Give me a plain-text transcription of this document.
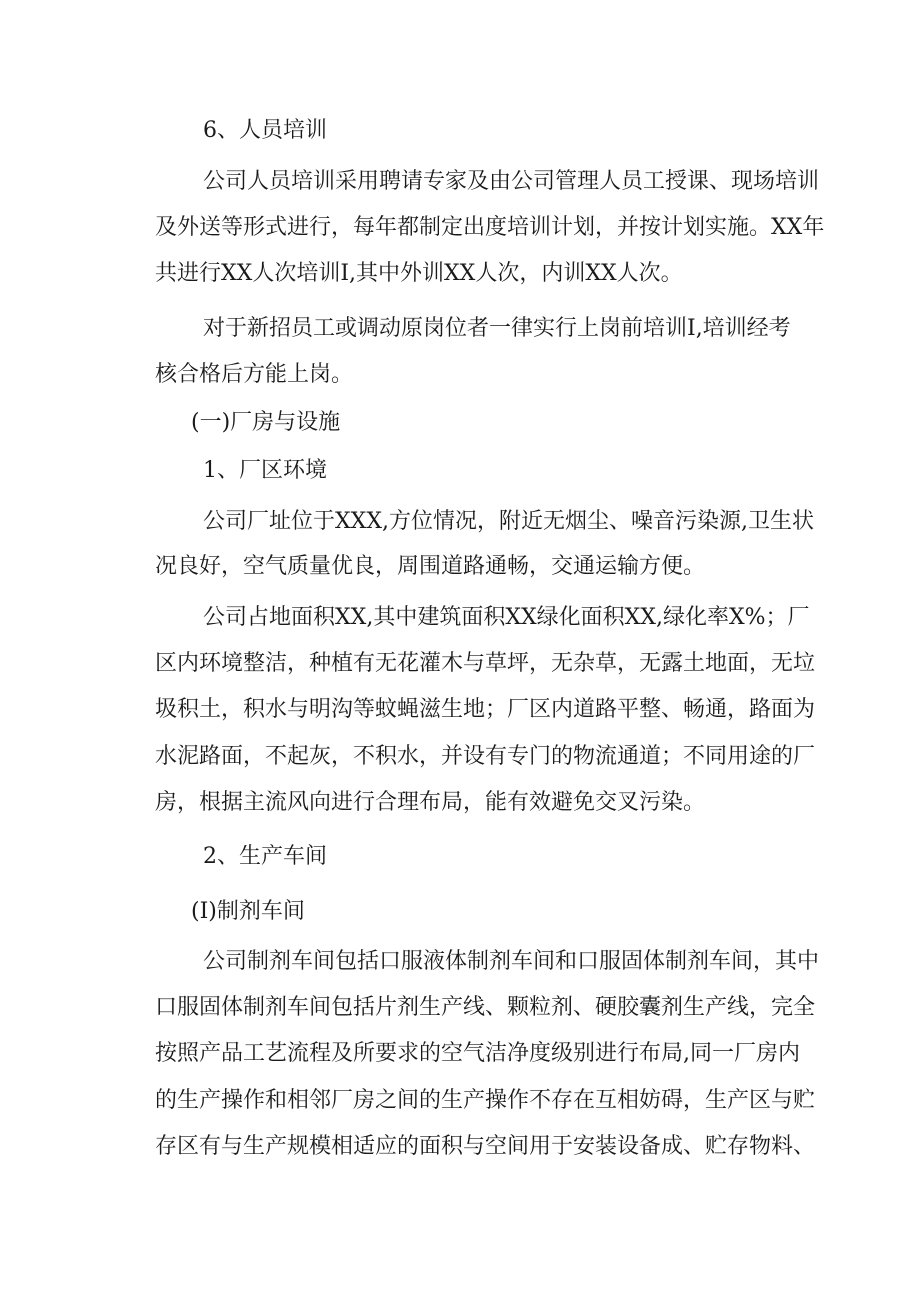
6、人员培训
公司人员培训采用聘请专家及由公司管理人员工授课、现场培训
及外送等形式进行，每年都制定出度培训计划，并按计划实施。XX年
共进行XX人次培训I,其中外训XX人次，内训XX人次。
对于新招员工或调动原岗位者一律实行上岗前培训I,培训经考
核合格后方能上岗。
(一)厂房与设施
1、厂区环境
公司厂址位于XXX,方位情况，附近无烟尘、噪音污染源,卫生状
况良好，空气质量优良，周围道路通畅，交通运输方便。
公司占地面积XX,其中建筑面积XX绿化面积XX,绿化率X%；厂
区内环境整洁，种植有无花灌木与草坪，无杂草，无露土地面，无垃
圾积土，积水与明沟等蚊蝇滋生地；厂区内道路平整、畅通，路面为
水泥路面，不起灰，不积水，并设有专门的物流通道；不同用途的厂
房，根据主流风向进行合理布局，能有效避免交叉污染。
2、生产车间
(I)制剂车间
公司制剂车间包括口服液体制剂车间和口服固体制剂车间，其中
口服固体制剂车间包括片剂生产线、颗粒剂、硬胶囊剂生产线，完全
按照产品工艺流程及所要求的空气洁净度级别进行布局,同一厂房内
的生产操作和相邻厂房之间的生产操作不存在互相妨碍，生产区与贮
存区有与生产规模相适应的面积与空间用于安装设备成、贮存物料、
